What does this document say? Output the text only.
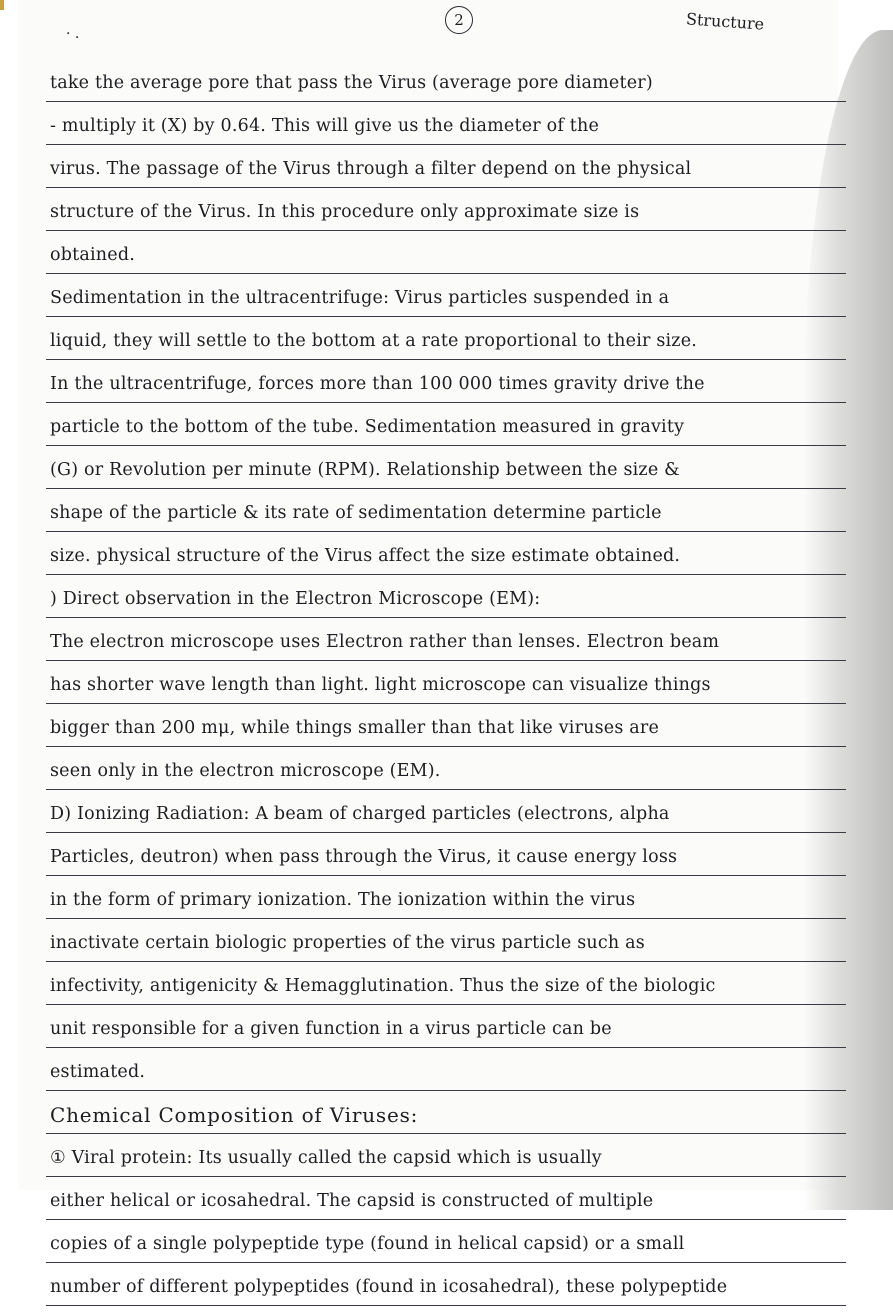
2	Structure
· .
take the average pore that pass the Virus (average pore diameter)
- multiply it (X) by 0.64. This will give us the diameter of the
virus. The passage of the Virus through a filter depend on the physical
structure of the Virus. In this procedure only approximate size is
obtained.
Sedimentation in the ultracentrifuge: Virus particles suspended in a
liquid, they will settle to the bottom at a rate proportional to their size.
In the ultracentrifuge, forces more than 100 000 times gravity drive the
particle to the bottom of the tube. Sedimentation measured in gravity
(G) or Revolution per minute (RPM). Relationship between the size &
shape of the particle & its rate of sedimentation determine particle
size. physical structure of the Virus affect the size estimate obtained.
) Direct observation in the Electron Microscope (EM):
The electron microscope uses Electron rather than lenses. Electron beam
has shorter wave length than light. light microscope can visualize things
bigger than 200 mμ, while things smaller than that like viruses are
seen only in the electron microscope (EM).
D) Ionizing Radiation: A beam of charged particles (electrons, alpha
Particles, deutron) when pass through the Virus, it cause energy loss
in the form of primary ionization. The ionization within the virus
inactivate certain biologic properties of the virus particle such as
infectivity, antigenicity & Hemagglutination. Thus the size of the biologic
unit responsible for a given function in a virus particle can be
estimated.
Chemical Composition of Viruses:
① Viral protein: Its usually called the capsid which is usually
either helical or icosahedral. The capsid is constructed of multiple
copies of a single polypeptide type (found in helical capsid) or a small
number of different polypeptides (found in icosahedral), these polypeptide
